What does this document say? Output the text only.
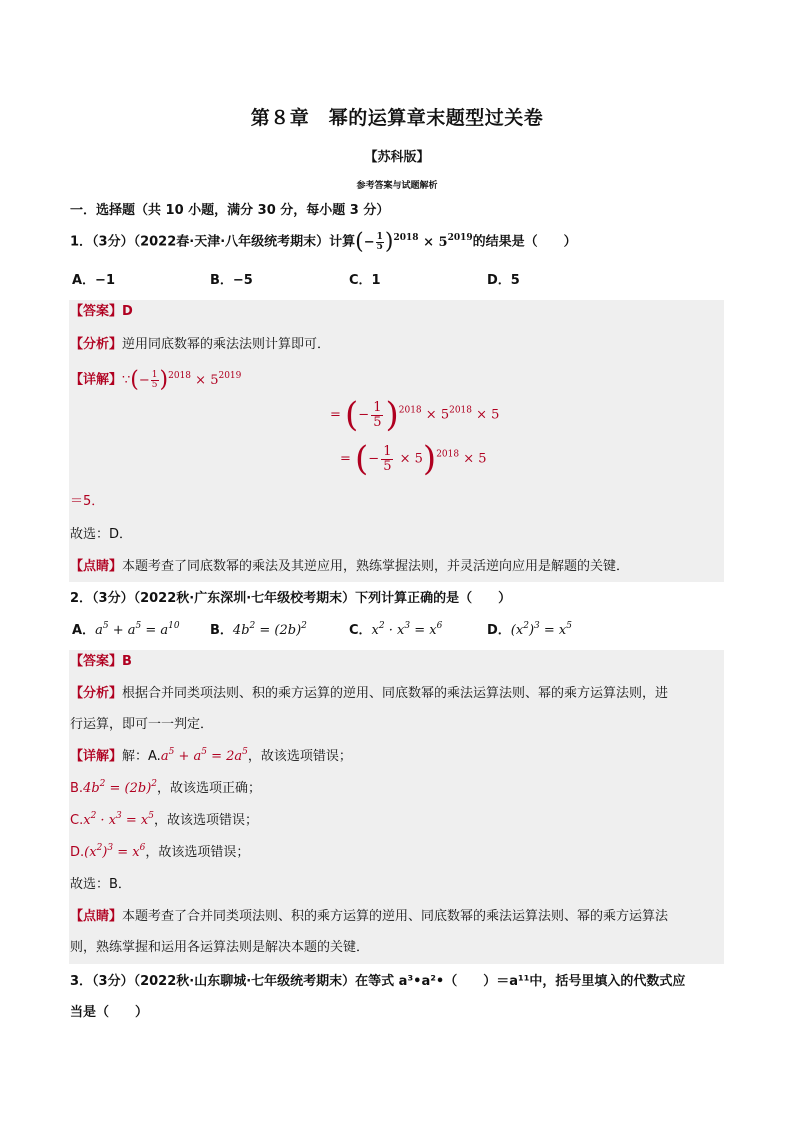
第８章　幂的运算章末题型过关卷
【苏科版】
参考答案与试题解析
一．选择题（共 10 小题，满分 30 分，每小题 3 分）
1．（3分）（2022春·天津·八年级统考期末）计算(− $\frac{1}{5} )^{2018} \times 5^{2019}$的结果是（　　）
A．−1	B．−5	C．1	D．5
【答案】D
【分析】逆用同底数幂的乘法法则计算即可．
【详解】∵(− $\frac{1}{5} )^{2018} \times 5^{2019}$
= (− $\frac{1}{5} )^{2018} \times 5^{2018} \times 5$
= (− $\frac{1}{5} \times 5)^{2018} \times 5$
＝5．
故选：D．
【点睛】本题考查了同底数幂的乘法及其逆应用，熟练掌握法则，并灵活逆向应用是解题的关键．
2．（3分）（2022秋·广东深圳·七年级校考期末）下列计算正确的是（　　）
A．$a^5 + a^5 = a^{10}$ B．$4b^2 = (2b)^2$	C．$x^2 \cdot x^3 = x^6$	D．$(x^2)^3 = x^5$
【答案】B
【分析】根据合并同类项法则、积的乘方运算的逆用、同底数幂的乘法运算法则、幂的乘方运算法则，进
行运算，即可一一判定．
【详解】解：$A.a^5 + a^5 = 2a^5$，故该选项错误；
$B.4b^2 = (2b)^2$，故该选项正确；
$C.x^2 \cdot x^3 = x^5$，故该选项错误；
$D.(x^2)^3 = x^6$，故该选项错误；
故选：B．
【点睛】本题考查了合并同类项法则、积的乘方运算的逆用、同底数幂的乘法运算法则、幂的乘方运算法
则，熟练掌握和运用各运算法则是解决本题的关键．
3．（3分）（2022秋·山东聊城·七年级统考期末）在等式 a³•a²•（　　）＝a¹¹中，括号里填入的代数式应
当是（　　）
